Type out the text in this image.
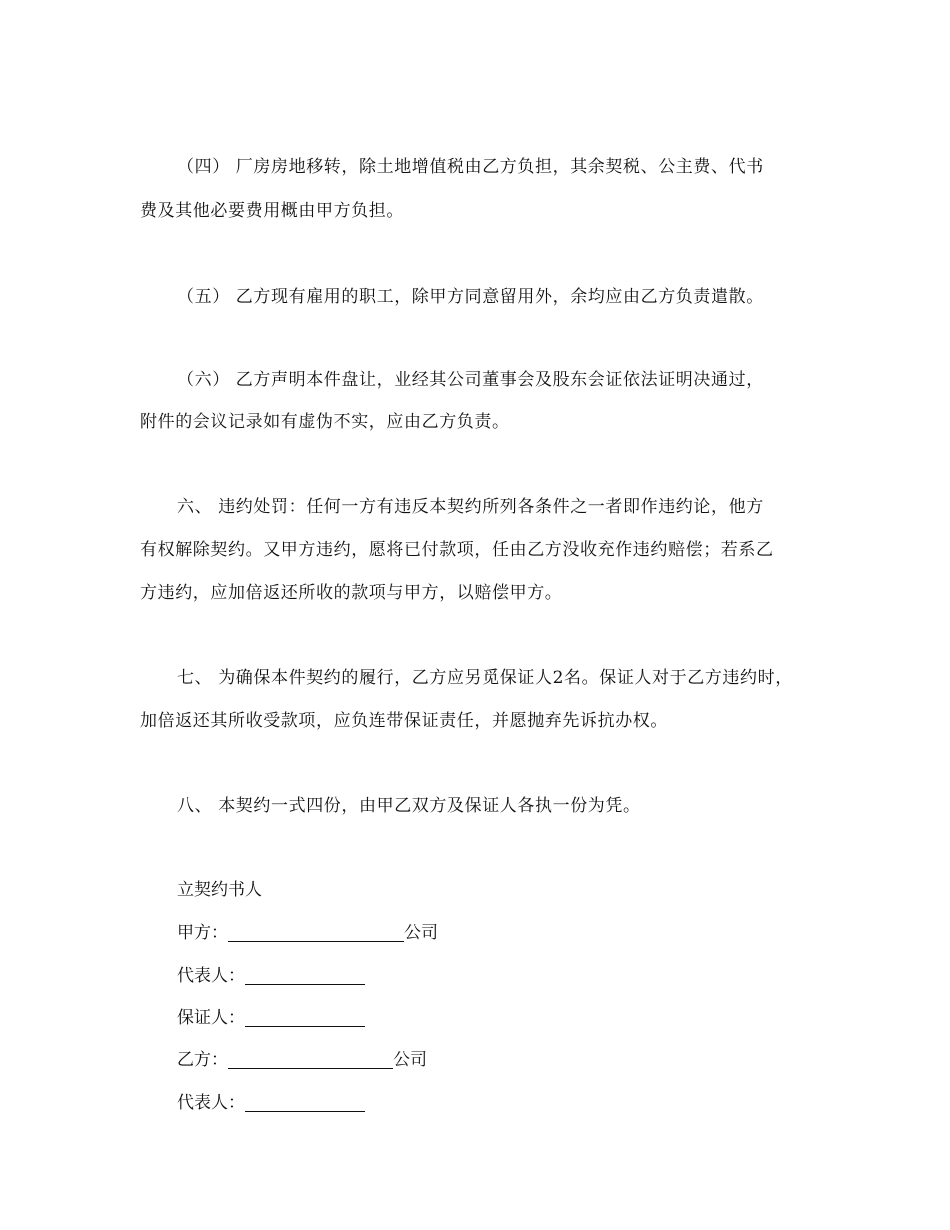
（四） 厂房房地移转，除土地增值税由乙方负担，其余契税、公主费、代书
费及其他必要费用概由甲方负担。
（五） 乙方现有雇用的职工，除甲方同意留用外，余均应由乙方负责遣散。
（六） 乙方声明本件盘让，业经其公司董事会及股东会证依法证明决通过，
附件的会议记录如有虚伪不实，应由乙方负责。
六、 违约处罚：任何一方有违反本契约所列各条件之一者即作违约论，他方
有权解除契约。又甲方违约，愿将已付款项，任由乙方没收充作违约赔偿；若系乙
方违约，应加倍返还所收的款项与甲方，以赔偿甲方。
七、 为确保本件契约的履行，乙方应另觅保证人2名。保证人对于乙方违约时，
加倍返还其所收受款项，应负连带保证责任，并愿抛弃先诉抗办权。
八、 本契约一式四份，由甲乙双方及保证人各执一份为凭。
立契约书人
甲方：	公司
代表人：
保证人：
乙方：	公司
代表人：
